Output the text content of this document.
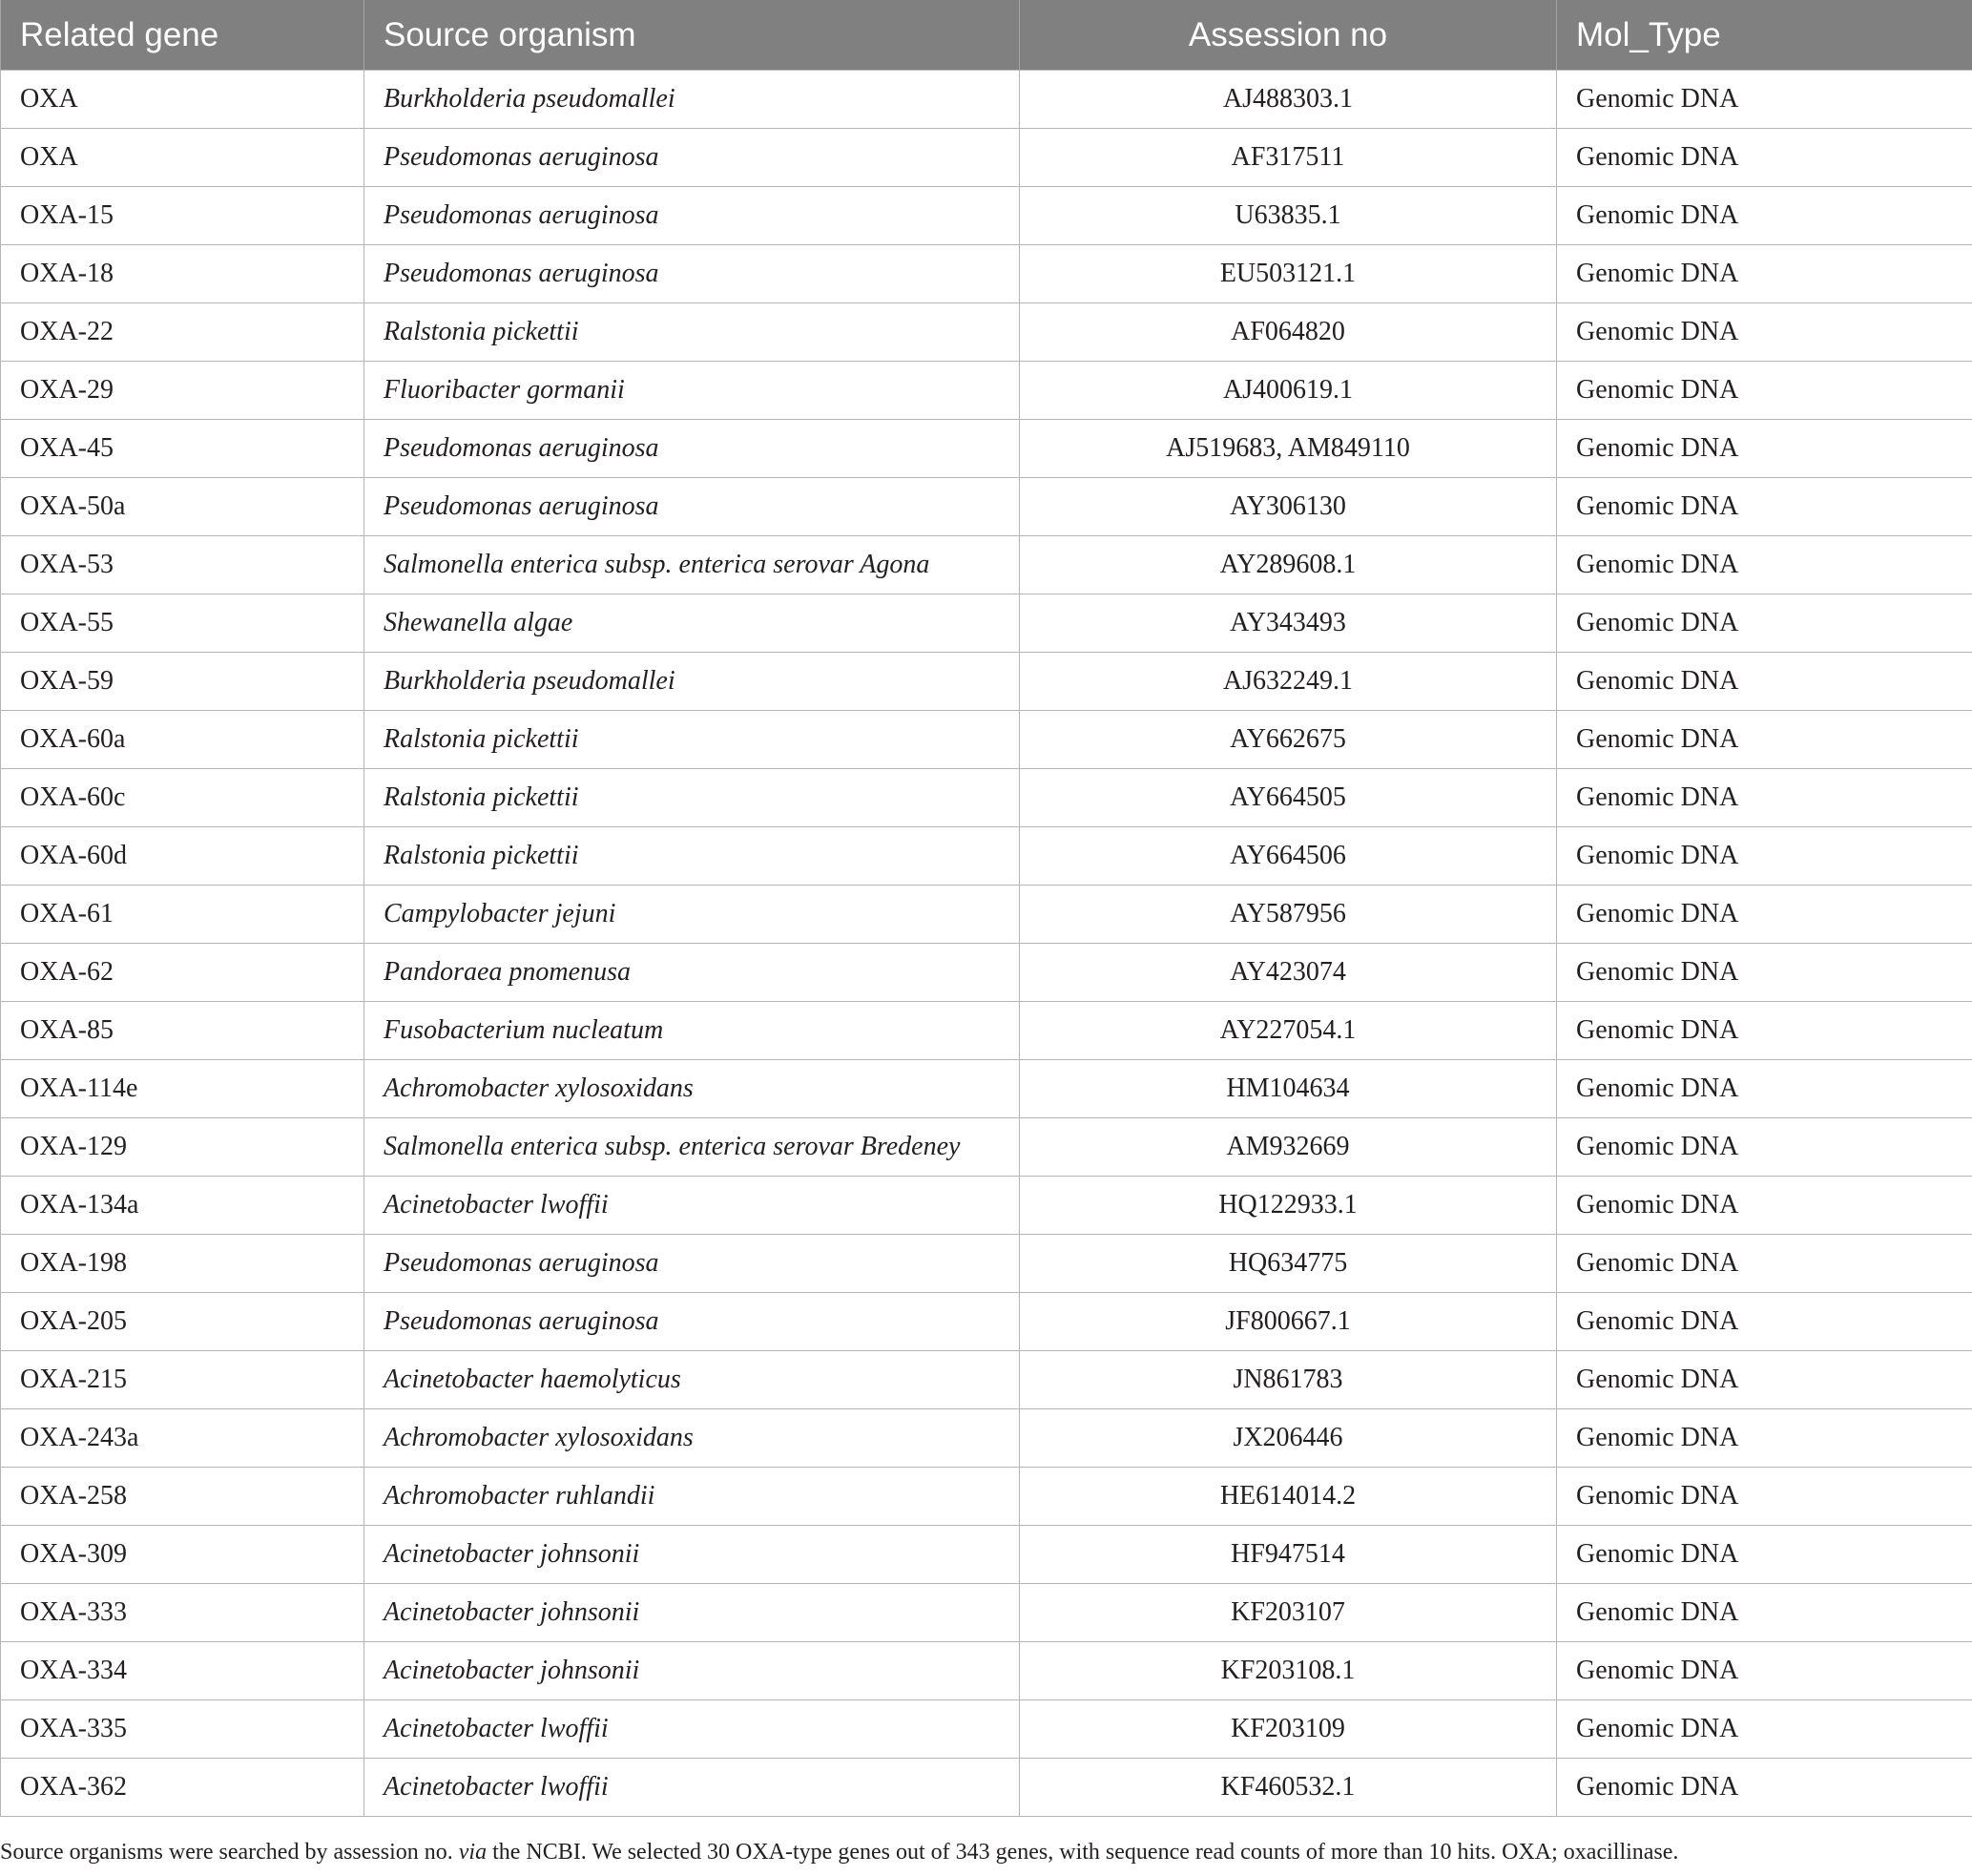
Related gene	Source organism	Assession no	Mol_Type
OXA	Burkholderia pseudomallei	AJ488303.1	Genomic DNA
OXA	Pseudomonas aeruginosa	AF317511	Genomic DNA
OXA-15	Pseudomonas aeruginosa	U63835.1	Genomic DNA
OXA-18	Pseudomonas aeruginosa	EU503121.1	Genomic DNA
OXA-22	Ralstonia pickettii	AF064820	Genomic DNA
OXA-29	Fluoribacter gormanii	AJ400619.1	Genomic DNA
OXA-45	Pseudomonas aeruginosa	AJ519683, AM849110	Genomic DNA
OXA-50a	Pseudomonas aeruginosa	AY306130	Genomic DNA
OXA-53	Salmonella enterica subsp. enterica serovar Agona	AY289608.1	Genomic DNA
OXA-55	Shewanella algae	AY343493	Genomic DNA
OXA-59	Burkholderia pseudomallei	AJ632249.1	Genomic DNA
OXA-60a	Ralstonia pickettii	AY662675	Genomic DNA
OXA-60c	Ralstonia pickettii	AY664505	Genomic DNA
OXA-60d	Ralstonia pickettii	AY664506	Genomic DNA
OXA-61	Campylobacter jejuni	AY587956	Genomic DNA
OXA-62	Pandoraea pnomenusa	AY423074	Genomic DNA
OXA-85	Fusobacterium nucleatum	AY227054.1	Genomic DNA
OXA-114e	Achromobacter xylosoxidans	HM104634	Genomic DNA
OXA-129	Salmonella enterica subsp. enterica serovar Bredeney	AM932669	Genomic DNA
OXA-134a	Acinetobacter lwoffii	HQ122933.1	Genomic DNA
OXA-198	Pseudomonas aeruginosa	HQ634775	Genomic DNA
OXA-205	Pseudomonas aeruginosa	JF800667.1	Genomic DNA
OXA-215	Acinetobacter haemolyticus	JN861783	Genomic DNA
OXA-243a	Achromobacter xylosoxidans	JX206446	Genomic DNA
OXA-258	Achromobacter ruhlandii	HE614014.2	Genomic DNA
OXA-309	Acinetobacter johnsonii	HF947514	Genomic DNA
OXA-333	Acinetobacter johnsonii	KF203107	Genomic DNA
OXA-334	Acinetobacter johnsonii	KF203108.1	Genomic DNA
OXA-335	Acinetobacter lwoffii	KF203109	Genomic DNA
OXA-362	Acinetobacter lwoffii	KF460532.1	Genomic DNA
Source organisms were searched by assession no. via the NCBI. We selected 30 OXA-type genes out of 343 genes, with sequence read counts of more than 10 hits. OXA; oxacillinase.
